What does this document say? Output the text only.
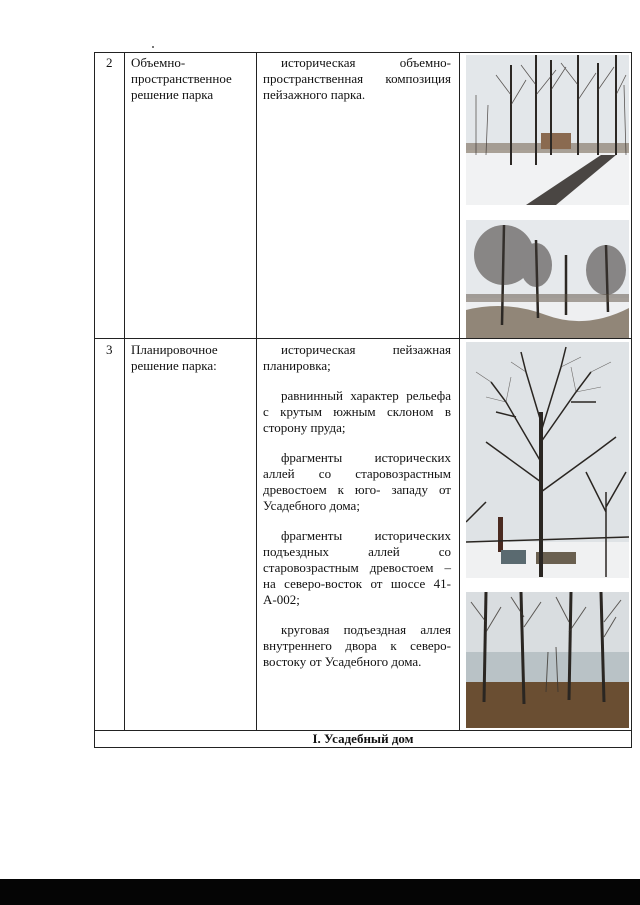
2 Объемно-пространственное решение парка

историческая объемно-пространственная композиция пейзажного парка.

3 Планировочное решение парка:

историческая пейзажная планировка;

равнинный характер рельефа с крутым южным склоном в сторону пруда;

фрагменты исторических аллей со старовозрастным древостоем к юго- западу от Усадебного дома;

фрагменты исторических подъездных аллей со старовозрастным древостоем – на северо-восток от шоссе 41-А-002;

круговая подъездная аллея внутреннего двора к северо-востоку от Усадебного дома.

I. Усадебный дом
